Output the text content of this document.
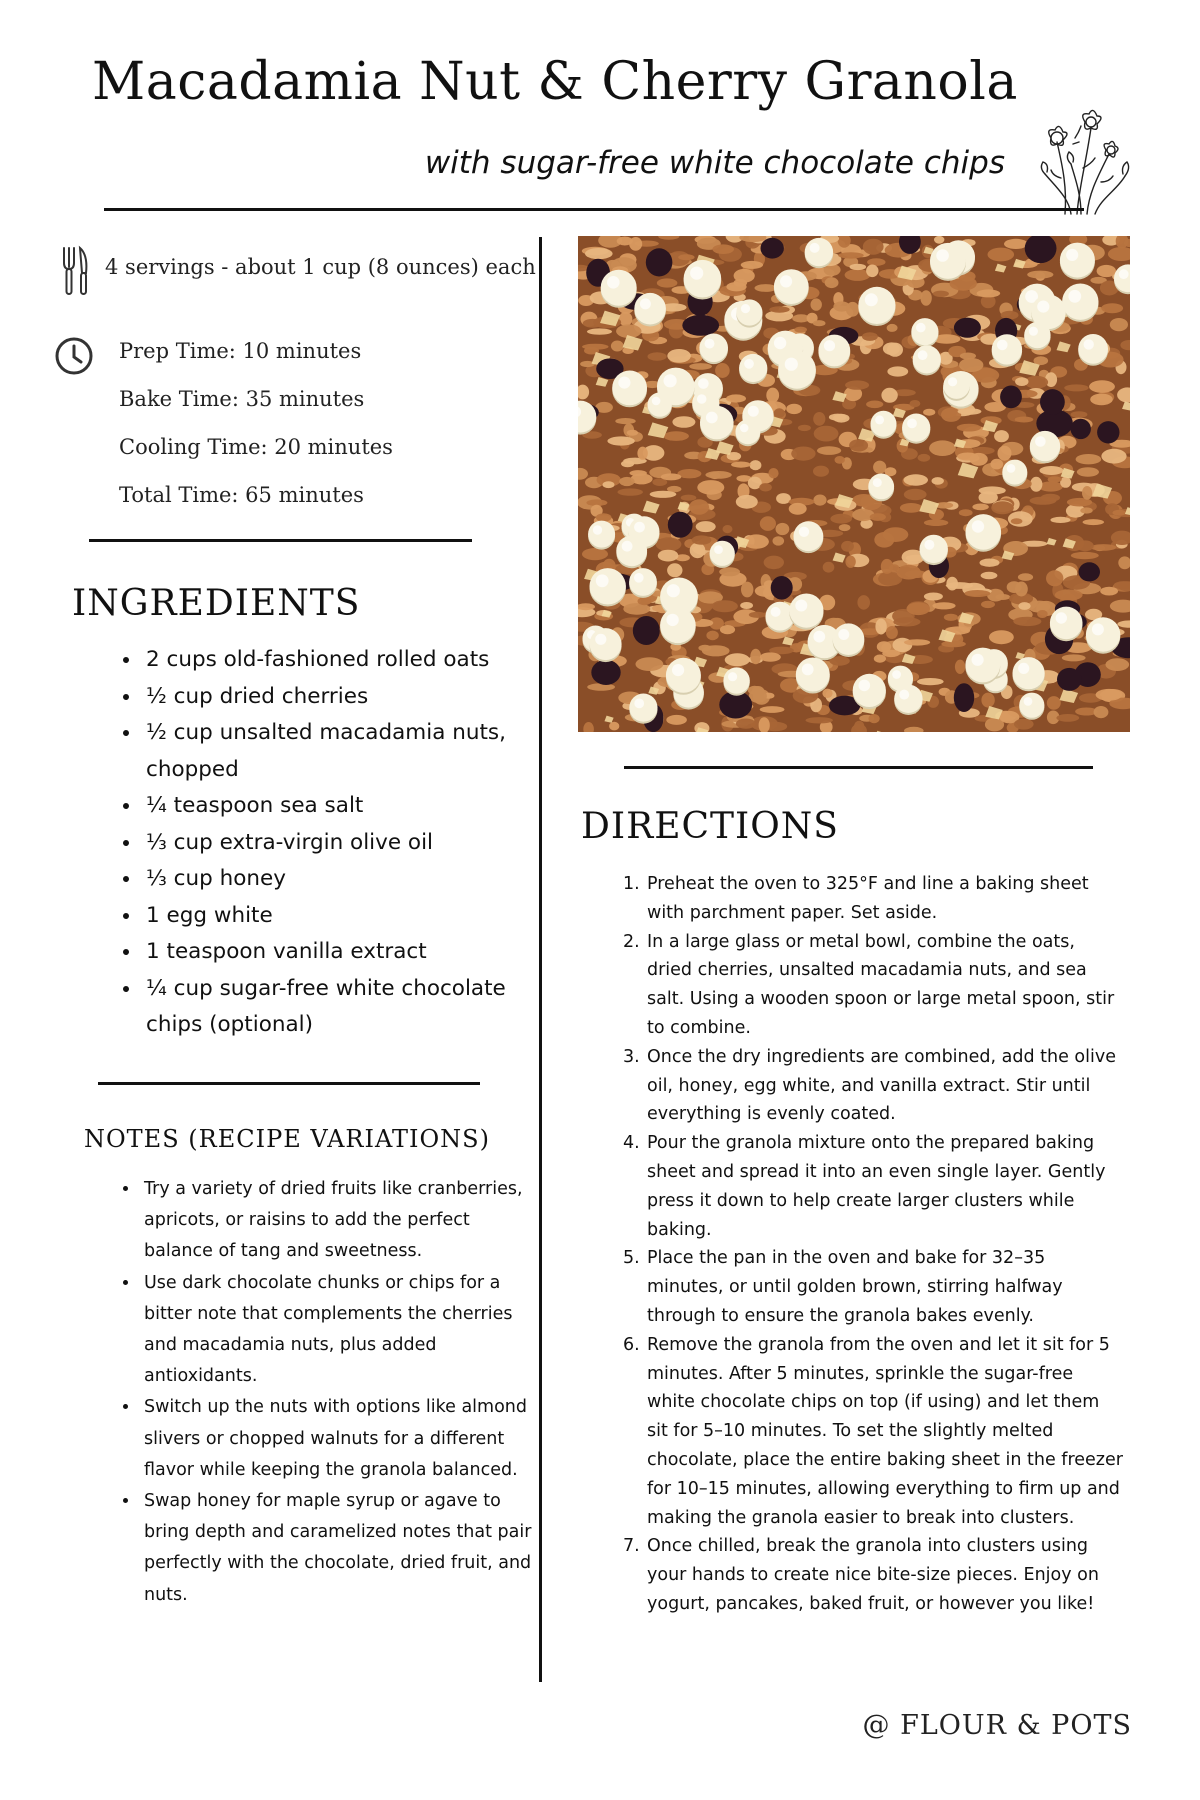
Macadamia Nut & Cherry Granola
with sugar-free white chocolate chips
4 servings - about 1 cup (8 ounces) each
Prep Time: 10 minutes
Bake Time: 35 minutes
Cooling Time: 20 minutes
Total Time: 65 minutes
INGREDIENTS
• 2 cups old-fashioned rolled oats
• ½ cup dried cherries
• ½ cup unsalted macadamia nuts, chopped
• ¼ teaspoon sea salt
• ⅓ cup extra-virgin olive oil
• ⅓ cup honey
• 1 egg white
• 1 teaspoon vanilla extract
• ¼ cup sugar-free white chocolate chips (optional)
NOTES (RECIPE VARIATIONS)
• Try a variety of dried fruits like cranberries, apricots, or raisins to add the perfect balance of tang and sweetness.
• Use dark chocolate chunks or chips for a bitter note that complements the cherries and macadamia nuts, plus added antioxidants.
• Switch up the nuts with options like almond slivers or chopped walnuts for a different flavor while keeping the granola balanced.
• Swap honey for maple syrup or agave to bring depth and caramelized notes that pair perfectly with the chocolate, dried fruit, and nuts.
DIRECTIONS
Preheat the oven to 325°F and line a baking sheet with parchment paper. Set aside.
In a large glass or metal bowl, combine the oats, dried cherries, unsalted macadamia nuts, and sea salt. Using a wooden spoon or large metal spoon, stir to combine.
Once the dry ingredients are combined, add the olive oil, honey, egg white, and vanilla extract. Stir until everything is evenly coated.
Pour the granola mixture onto the prepared baking sheet and spread it into an even single layer. Gently press it down to help create larger clusters while baking.
Place the pan in the oven and bake for 32–35 minutes, or until golden brown, stirring halfway through to ensure the granola bakes evenly.
Remove the granola from the oven and let it sit for 5 minutes. After 5 minutes, sprinkle the sugar-free white chocolate chips on top (if using) and let them sit for 5–10 minutes. To set the slightly melted chocolate, place the entire baking sheet in the freezer for 10–15 minutes, allowing everything to firm up and making the granola easier to break into clusters.
Once chilled, break the granola into clusters using your hands to create nice bite-size pieces. Enjoy on yogurt, pancakes, baked fruit, or however you like!
@ FLOUR & POTS
